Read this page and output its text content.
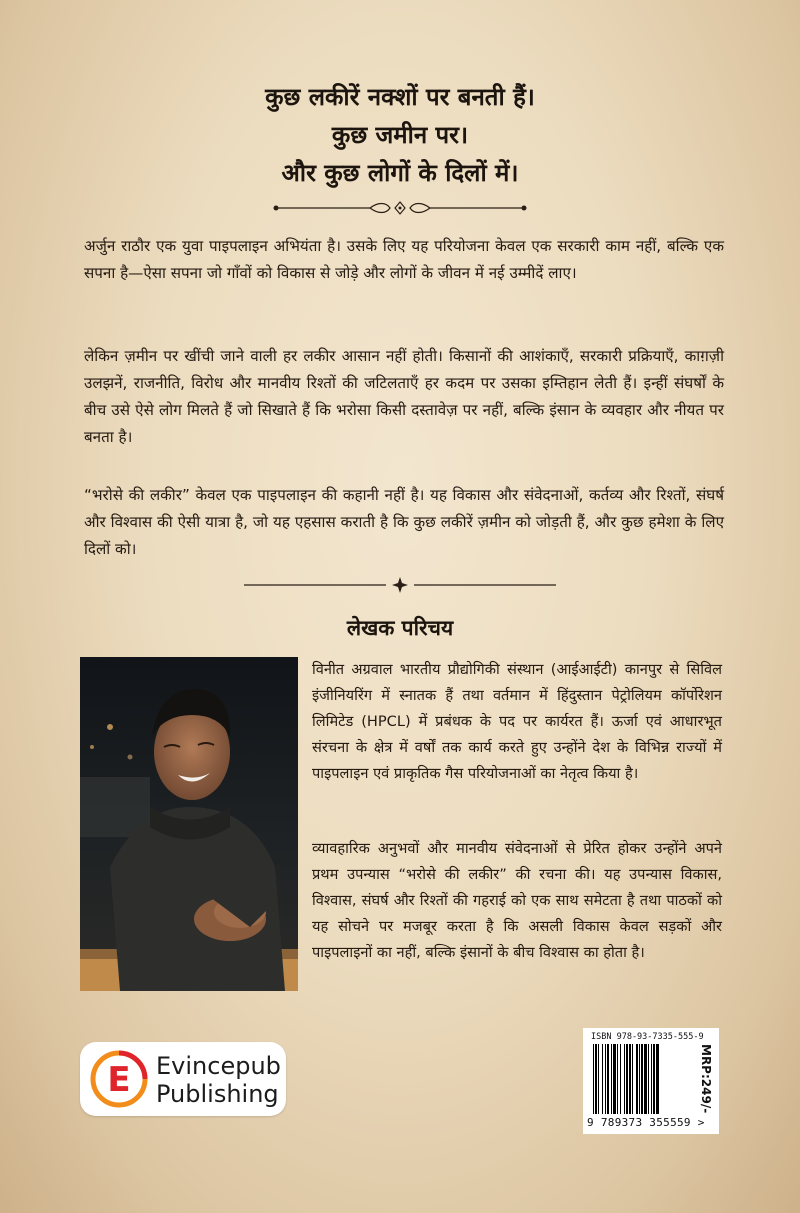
कुछ लकीरें नक्शों पर बनती हैं।
कुछ जमीन पर।
और कुछ लोगों के दिलों में।
अर्जुन राठौर एक युवा पाइपलाइन अभियंता है। उसके लिए यह परियोजना केवल एक सरकारी काम नहीं, बल्कि एक सपना है—ऐसा सपना जो गाँवों को विकास से जोड़े और लोगों के जीवन में नई उम्मीदें लाए।
लेकिन ज़मीन पर खींची जाने वाली हर लकीर आसान नहीं होती। किसानों की आशंकाएँ, सरकारी प्रक्रियाएँ, काग़ज़ी उलझनें, राजनीति, विरोध और मानवीय रिश्तों की जटिलताएँ हर कदम पर उसका इम्तिहान लेती हैं। इन्हीं संघर्षों के बीच उसे ऐसे लोग मिलते हैं जो सिखाते हैं कि भरोसा किसी दस्तावेज़ पर नहीं, बल्कि इंसान के व्यवहार और नीयत पर बनता है।
“भरोसे की लकीर” केवल एक पाइपलाइन की कहानी नहीं है। यह विकास और संवेदनाओं, कर्तव्य और रिश्तों, संघर्ष और विश्वास की ऐसी यात्रा है, जो यह एहसास कराती है कि कुछ लकीरें ज़मीन को जोड़ती हैं, और कुछ हमेशा के लिए दिलों को।
लेखक परिचय
विनीत अग्रवाल भारतीय प्रौद्योगिकी संस्थान (आईआईटी) कानपुर से सिविल इंजीनियरिंग में स्नातक हैं तथा वर्तमान में हिंदुस्तान पेट्रोलियम कॉर्पोरेशन लिमिटेड (HPCL) में प्रबंधक के पद पर कार्यरत हैं। ऊर्जा एवं आधारभूत संरचना के क्षेत्र में वर्षों तक कार्य करते हुए उन्होंने देश के विभिन्न राज्यों में पाइपलाइन एवं प्राकृतिक गैस परियोजनाओं का नेतृत्व किया है।
व्यावहारिक अनुभवों और मानवीय संवेदनाओं से प्रेरित होकर उन्होंने अपने प्रथम उपन्यास “भरोसे की लकीर” की रचना की। यह उपन्यास विकास, विश्वास, संघर्ष और रिश्तों की गहराई को एक साथ समेटता है तथा पाठकों को यह सोचने पर मजबूर करता है कि असली विकास केवल सड़कों और पाइपलाइनों का नहीं, बल्कि इंसानों के बीच विश्वास का होता है।
E Evincepub
Publishing
ISBN 978-93-7335-555-9
MRP:249/-
9 789373 355559 >
